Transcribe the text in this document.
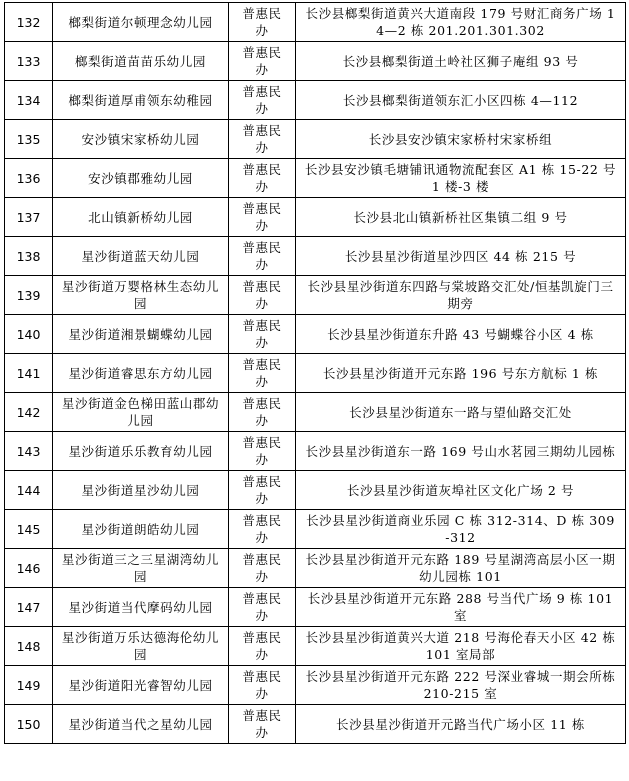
132	榔梨街道尔顿理念幼儿园	普惠民办	长沙县榔梨街道黄兴大道南段 179 号财汇商务广场 14—2 栋 201.201.301.302
133	榔梨街道苗苗乐幼儿园	普惠民办	长沙县榔梨街道土岭社区狮子庵组 93 号
134	榔梨街道厚甫领东幼稚园	普惠民办	长沙县榔梨街道领东汇小区四栋 4—112
135	安沙镇宋家桥幼儿园	普惠民办	长沙县安沙镇宋家桥村宋家桥组
136	安沙镇郡雅幼儿园	普惠民办	长沙县安沙镇毛塘铺讯通物流配套区 A1 栋 15-22 号 1 楼-3 楼
137	北山镇新桥幼儿园	普惠民办	长沙县北山镇新桥社区集镇二组 9 号
138	星沙街道蓝天幼儿园	普惠民办	长沙县星沙街道星沙四区 44 栋 215 号
139	星沙街道万婴格林生态幼儿园	普惠民办	长沙县星沙街道东四路与棠坡路交汇处/恒基凯旋门三期旁
140	星沙街道湘景蝴蝶幼儿园	普惠民办	长沙县星沙街道东升路 43 号蝴蝶谷小区 4 栋
141	星沙街道睿思东方幼儿园	普惠民办	长沙县星沙街道开元东路 196 号东方航标 1 栋
142	星沙街道金色梯田蓝山郡幼儿园	普惠民办	长沙县星沙街道东一路与望仙路交汇处
143	星沙街道乐乐教育幼儿园	普惠民办	长沙县星沙街道东一路 169 号山水茗园三期幼儿园栋
144	星沙街道星沙幼儿园	普惠民办	长沙县星沙街道灰埠社区文化广场 2 号
145	星沙街道朗皓幼儿园	普惠民办	长沙县星沙街道商业乐园 C 栋 312-314、D 栋 309-312
146	星沙街道三之三星湖湾幼儿园	普惠民办	长沙县星沙街道开元东路 189 号星湖湾高层小区一期幼儿园栋 101
147	星沙街道当代摩码幼儿园	普惠民办	长沙县星沙街道开元东路 288 号当代广场 9 栋 101 室
148	星沙街道万乐达德海伦幼儿园	普惠民办	长沙县星沙街道黄兴大道 218 号海伦春天小区 42 栋 101 室局部
149	星沙街道阳光睿智幼儿园	普惠民办	长沙县星沙街道开元东路 222 号深业睿城一期会所栋 210-215 室
150	星沙街道当代之星幼儿园	普惠民办	长沙县星沙街道开元路当代广场小区 11 栋
